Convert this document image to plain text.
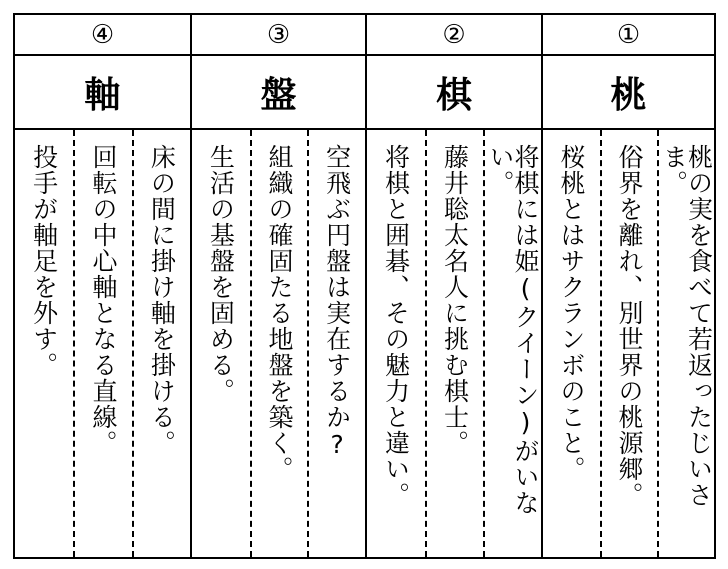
④
軸
投手が軸足を外す。	回転の中心軸となる直線。	床の間に掛け軸を掛ける。
③
盤
生活の基盤を固める。	組織の確固たる地盤を築く。	空飛ぶ円盤は実在するか?
②
棋
将棋と囲碁、その魅力と違い。	藤井聡太名人に挑む棋士。	将棋には姫(クイーン)がいない。
①
桃
桜桃とはサクランボのこと。	俗界を離れ、別世界の桃源郷。	桃の実を食べて若返ったじいさま。
